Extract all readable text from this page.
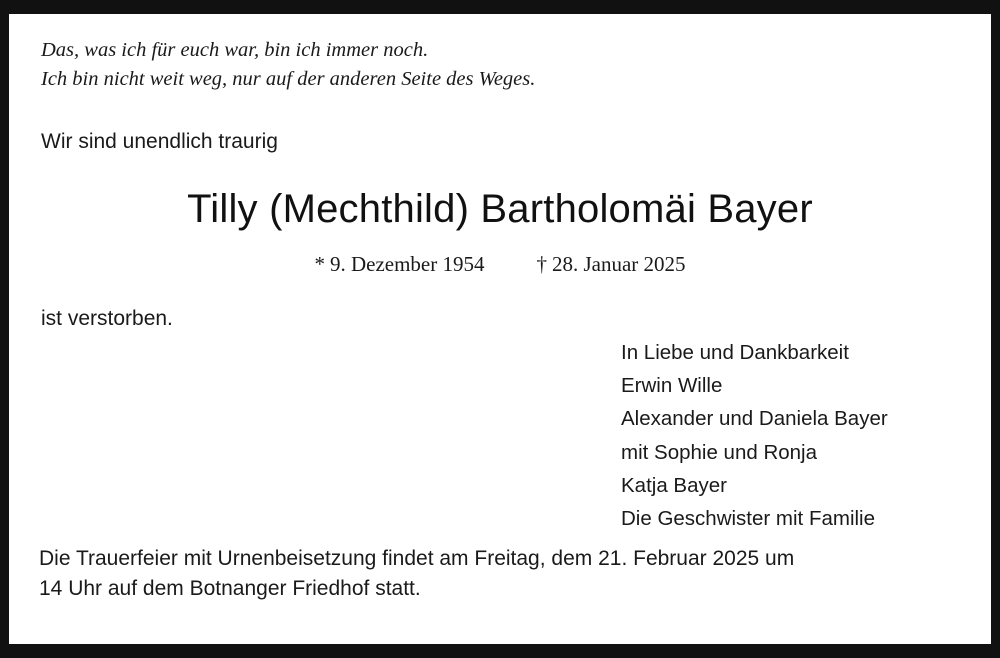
Das, was ich für euch war, bin ich immer noch.
Ich bin nicht weit weg, nur auf der anderen Seite des Weges.
Wir sind unendlich traurig
Tilly (Mechthild) Bartholomäi Bayer
* 9. Dezember 1954 † 28. Januar 2025
ist verstorben.
In Liebe und Dankbarkeit
Erwin Wille
Alexander und Daniela Bayer
mit Sophie und Ronja
Katja Bayer
Die Geschwister mit Familie
Die Trauerfeier mit Urnenbeisetzung findet am Freitag, dem 21. Februar 2025 um
14 Uhr auf dem Botnanger Friedhof statt.
